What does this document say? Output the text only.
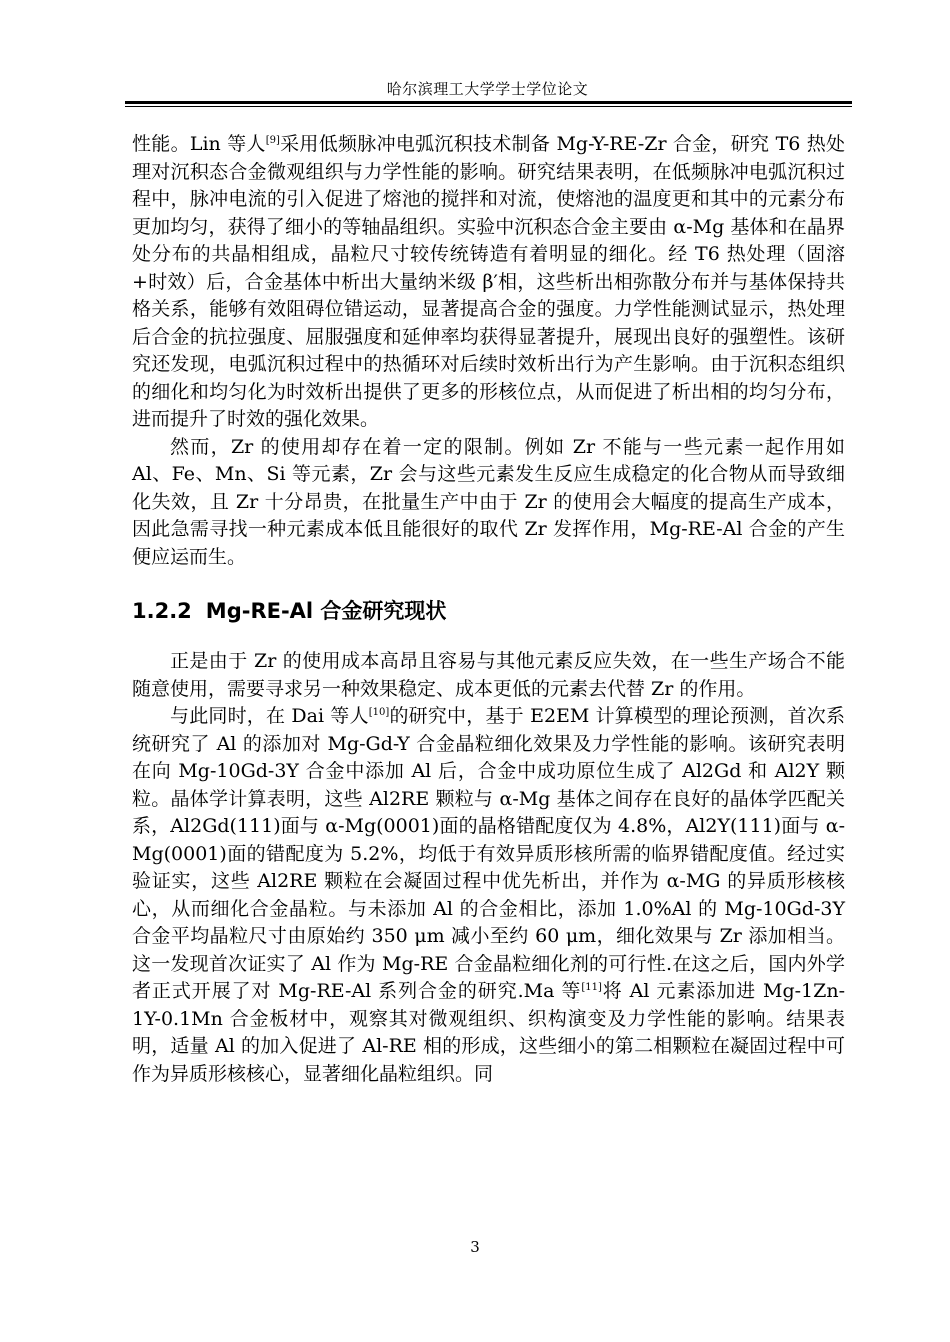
哈尔滨理工大学学士学位论文

性能。Lin 等人[9]采用低频脉冲电弧沉积技术制备 Mg-Y-RE-Zr 合金，研究 T6 热处理对沉积态合金微观组织与力学性能的影响。研究结果表明，在低频脉冲电弧沉积过程中，脉冲电流的引入促进了熔池的搅拌和对流，使熔池的温度更和其中的元素分布更加均匀，获得了细小的等轴晶组织。实验中沉积态合金主要由 α-Mg 基体和在晶界处分布的共晶相组成，晶粒尺寸较传统铸造有着明显的细化。经 T6 热处理（固溶+时效）后，合金基体中析出大量纳米级 β′相，这些析出相弥散分布并与基体保持共格关系，能够有效阻碍位错运动，显著提高合金的强度。力学性能测试显示，热处理后合金的抗拉强度、屈服强度和延伸率均获得显著提升，展现出良好的强塑性。该研究还发现，电弧沉积过程中的热循环对后续时效析出行为产生影响。由于沉积态组织的细化和均匀化为时效析出提供了更多的形核位点，从而促进了析出相的均匀分布，进而提升了时效的强化效果。

然而，Zr 的使用却存在着一定的限制。例如 Zr 不能与一些元素一起作用如 Al、Fe、Mn、Si 等元素，Zr 会与这些元素发生反应生成稳定的化合物从而导致细化失效，且 Zr 十分昂贵，在批量生产中由于 Zr 的使用会大幅度的提高生产成本，因此急需寻找一种元素成本低且能很好的取代 Zr 发挥作用，Mg-RE-Al 合金的产生便应运而生。

1.2.2 Mg-RE-Al 合金研究现状

正是由于 Zr 的使用成本高昂且容易与其他元素反应失效，在一些生产场合不能随意使用，需要寻求另一种效果稳定、成本更低的元素去代替 Zr 的作用。

与此同时，在 Dai 等人[10]的研究中，基于 E2EM 计算模型的理论预测，首次系统研究了 Al 的添加对 Mg-Gd-Y 合金晶粒细化效果及力学性能的影响。该研究表明在向 Mg-10Gd-3Y 合金中添加 Al 后，合金中成功原位生成了 Al2Gd 和 Al2Y 颗粒。晶体学计算表明，这些 Al2RE 颗粒与 α-Mg 基体之间存在良好的晶体学匹配关系，Al2Gd(111)面与 α-Mg(0001)面的晶格错配度仅为 4.8%，Al2Y(111)面与 α-Mg(0001)面的错配度为 5.2%，均低于有效异质形核所需的临界错配度值。经过实验证实，这些 Al2RE 颗粒在会凝固过程中优先析出，并作为 α-MG 的异质形核核心，从而细化合金晶粒。与未添加 Al 的合金相比，添加 1.0%Al 的 Mg-10Gd-3Y 合金平均晶粒尺寸由原始约 350 μm 减小至约 60 μm，细化效果与 Zr 添加相当。这一发现首次证实了 Al 作为 Mg-RE 合金晶粒细化剂的可行性.在这之后，国内外学者正式开展了对 Mg-RE-Al 系列合金的研究.Ma 等[11]将 Al 元素添加进 Mg-1Zn-1Y-0.1Mn 合金板材中，观察其对微观组织、织构演变及力学性能的影响。结果表明，适量 Al 的加入促进了 Al-RE 相的形成，这些细小的第二相颗粒在凝固过程中可作为异质形核核心，显著细化晶粒组织。同

3
